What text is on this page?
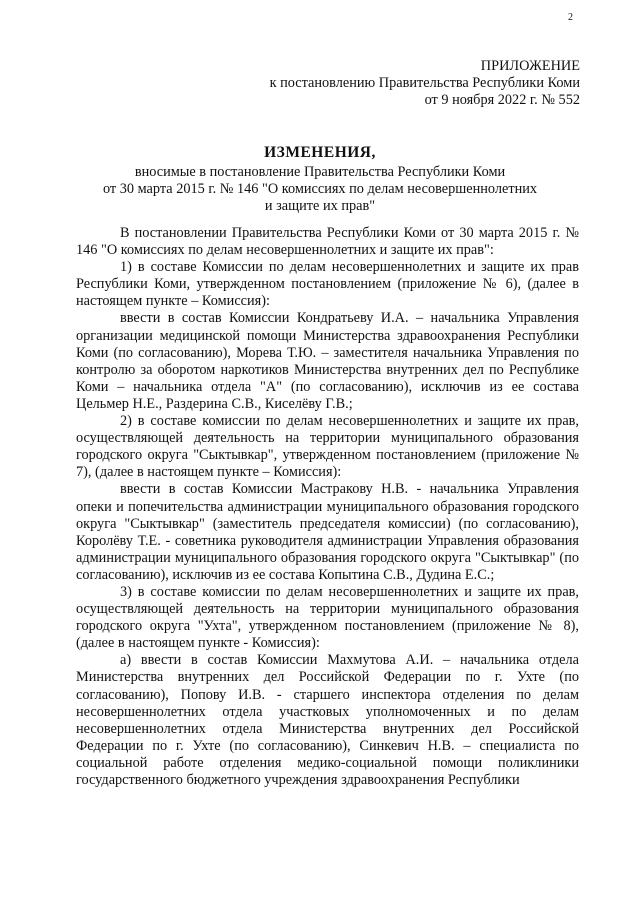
2
ПРИЛОЖЕНИЕ
к постановлению Правительства Республики Коми
от 9 ноября 2022 г. № 552
ИЗМЕНЕНИЯ,
вносимые в постановление Правительства Республики Коми
от 30 марта 2015 г. № 146 "О комиссиях по делам несовершеннолетних
и защите их прав"

В постановлении Правительства Республики Коми от 30 марта 2015 г. № 146 "О комиссиях по делам несовершеннолетних и защите их прав":

1) в составе Комиссии по делам несовершеннолетних и защите их прав Республики Коми, утвержденном постановлением (приложение № 6), (далее в настоящем пункте – Комиссия):

ввести в состав Комиссии Кондратьеву И.А. – начальника Управления организации медицинской помощи Министерства здравоохранения Республики Коми (по согласованию), Морева Т.Ю. – заместителя начальника Управления по контролю за оборотом наркотиков Министерства внутренних дел по Республике Коми – начальника отдела "А" (по согласованию), исключив из ее состава Цельмер Н.Е., Раздерина С.В., Киселёву Г.В.;

2) в составе комиссии по делам несовершеннолетних и защите их прав, осуществляющей деятельность на территории муниципального образования городского округа "Сыктывкар", утвержденном постановлением (приложение № 7), (далее в настоящем пункте – Комиссия):

ввести в состав Комиссии Мастракову Н.В. - начальника Управления опеки и попечительства администрации муниципального образования городского округа "Сыктывкар" (заместитель председателя комиссии) (по согласованию), Королёву Т.Е. - советника руководителя администрации Управления образования администрации муниципального образования городского округа "Сыктывкар" (по согласованию), исключив из ее состава Копытина С.В., Дудина Е.С.;

3) в составе комиссии по делам несовершеннолетних и защите их прав, осуществляющей деятельность на территории муниципального образования городского округа "Ухта", утвержденном постановлением (приложение № 8), (далее в настоящем пункте - Комиссия):

а) ввести в состав Комиссии Махмутова А.И. – начальника отдела Министерства внутренних дел Российской Федерации по г. Ухте (по согласованию), Попову И.В. - старшего инспектора отделения по делам несовершеннолетних отдела участковых уполномоченных и по делам несовершеннолетних отдела Министерства внутренних дел Российской Федерации по г. Ухте (по согласованию), Синкевич Н.В. – специалиста по социальной работе отделения медико-социальной помощи поликлиники государственного бюджетного учреждения здравоохранения Республики
